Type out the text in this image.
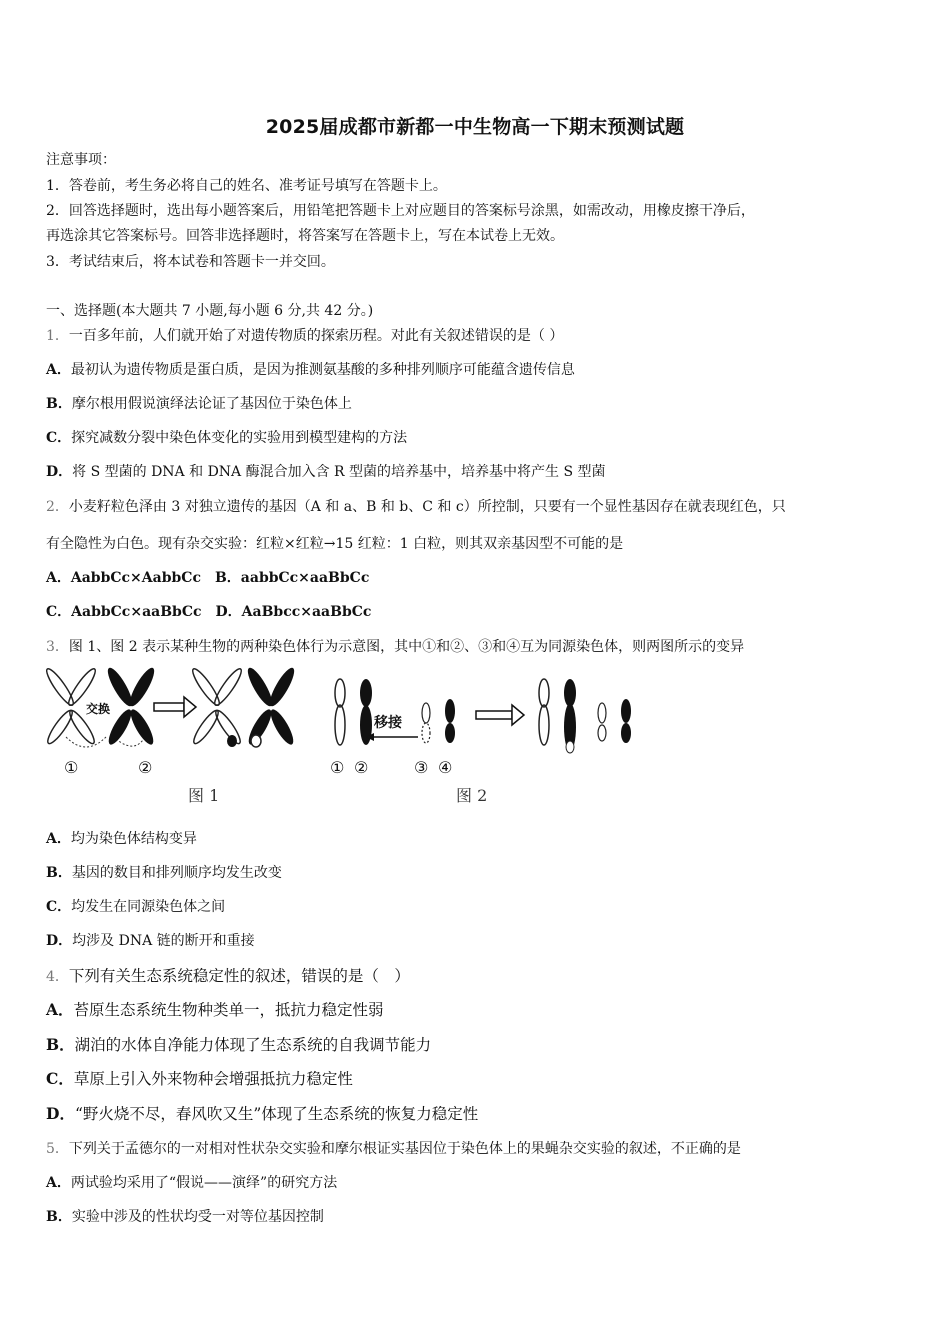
2025届成都市新都一中生物高一下期末预测试题
注意事项：
1．答卷前，考生务必将自己的姓名、准考证号填写在答题卡上。
2．回答选择题时，选出每小题答案后，用铅笔把答题卡上对应题目的答案标号涂黑，如需改动，用橡皮擦干净后，
再选涂其它答案标号。回答非选择题时，将答案写在答题卡上，写在本试卷上无效。
3．考试结束后，将本试卷和答题卡一并交回。
一、选择题(本大题共 7 小题,每小题 6 分,共 42 分。)
1．一百多年前，人们就开始了对遗传物质的探索历程。对此有关叙述错误的是（ ）
A．最初认为遗传物质是蛋白质，是因为推测氨基酸的多种排列顺序可能蕴含遗传信息
B．摩尔根用假说演绎法论证了基因位于染色体上
C．探究减数分裂中染色体变化的实验用到模型建构的方法
D．将 S 型菌的 DNA 和 DNA 酶混合加入含 R 型菌的培养基中，培养基中将产生 S 型菌
2．小麦籽粒色泽由 3 对独立遗传的基因（A 和 a、B 和 b、C 和 c）所控制，只要有一个显性基因存在就表现红色，只
有全隐性为白色。现有杂交实验：红粒×红粒→15 红粒：1 白粒，则其双亲基因型不可能的是
A．AabbCc×AabbCc　B．aabbCc×aaBbCc
C．AabbCc×aaBbCc　D．AaBbcc×aaBbCc
3．图 1、图 2 表示某种生物的两种染色体行为示意图，其中①和②、③和④互为同源染色体，则两图所示的变异
交换
①	②
图 1
移接
① ②	③ ④
图 2
A．均为染色体结构变异
B．基因的数目和排列顺序均发生改变
C．均发生在同源染色体之间
D．均涉及 DNA 链的断开和重接
4．下列有关生态系统稳定性的叙述，错误的是（　）
A．苔原生态系统生物种类单一，抵抗力稳定性弱
B．湖泊的水体自净能力体现了生态系统的自我调节能力
C．草原上引入外来物种会增强抵抗力稳定性
D．“野火烧不尽，春风吹又生”体现了生态系统的恢复力稳定性
5．下列关于孟德尔的一对相对性状杂交实验和摩尔根证实基因位于染色体上的果蝇杂交实验的叙述，不正确的是
A．两试验均采用了“假说——演绎”的研究方法
B．实验中涉及的性状均受一对等位基因控制
